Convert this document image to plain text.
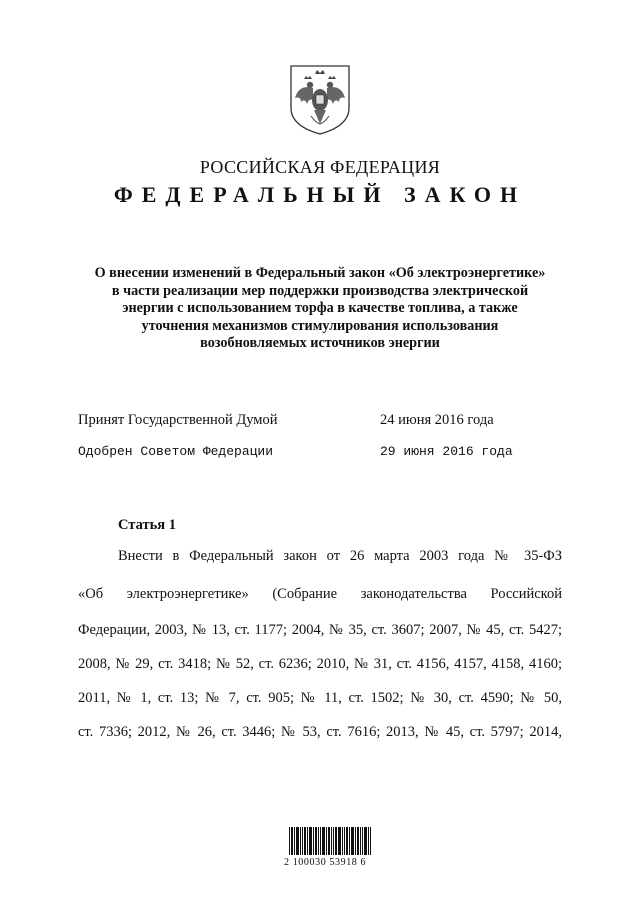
РОССИЙСКАЯ ФЕДЕРАЦИЯ
ФЕДЕРАЛЬНЫЙ ЗАКОН
О внесении изменений в Федеральный закон «Об электроэнергетике»
в части реализации мер поддержки производства электрической
энергии с использованием торфа в качестве топлива, а также
уточнения механизмов стимулирования использования
возобновляемых источников энергии
Принят Государственной Думой	24 июня 2016 года
Одобрен Советом Федерации	29 июня 2016 года
Статья 1
Внести в Федеральный закон от 26 марта 2003 года № 35-ФЗ
«Об электроэнергетике» (Собрание законодательства Российской
Федерации, 2003, № 13, ст. 1177; 2004, № 35, ст. 3607; 2007, № 45, ст. 5427;
2008, № 29, ст. 3418; № 52, ст. 6236; 2010, № 31, ст. 4156, 4157, 4158, 4160;
2011, № 1, ст. 13; № 7, ст. 905; № 11, ст. 1502; № 30, ст. 4590; № 50,
ст. 7336; 2012, № 26, ст. 3446; № 53, ст. 7616; 2013, № 45, ст. 5797; 2014,
2 100030 53918 6
